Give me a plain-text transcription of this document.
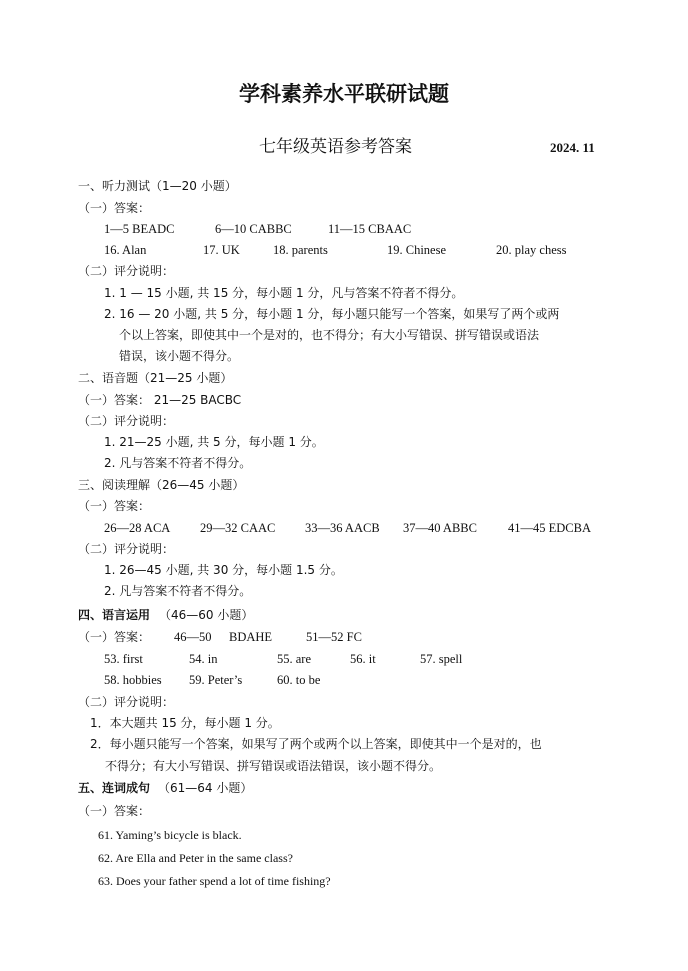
学科素养水平联研试题
七年级英语参考答案	2024. 11
一、听力测试（1—20 小题）
（一）答案：
1—5 BEADC	6—10 CABBC	11—15 CBAAC
16. Alan	17. UK	18. parents	19. Chinese	20. play chess
（二）评分说明：
1. 1 — 15 小题, 共 15 分，每小题 1 分，凡与答案不符者不得分。
2. 16 — 20 小题, 共 5 分，每小题 1 分，每小题只能写一个答案，如果写了两个或两
个以上答案，即使其中一个是对的，也不得分；有大小写错误、拼写错误或语法
错误，该小题不得分。
二、语音题（21—25 小题）
（一）答案： 21—25 BACBC
（二）评分说明：
1. 21—25 小题, 共 5 分，每小题 1 分。
2. 凡与答案不符者不得分。
三、阅读理解（26—45 小题）
（一）答案：
26—28 ACA 29—32 CAAC 33—36 AACB 37—40 ABBC 41—45 EDCBA
（二）评分说明：
1. 26—45 小题, 共 30 分，每小题 1.5 分。
2. 凡与答案不符者不得分。
四、语言运用 （46—60 小题）
（一）答案： 46—50 BDAHE	51—52 FC
53. first	54. in	55. are	56. it	57. spell
58. hobbies 59. Peter’s	60. to be
（二）评分说明：
1．本大题共 15 分，每小题 1 分。
2．每小题只能写一个答案，如果写了两个或两个以上答案，即使其中一个是对的，也
不得分；有大小写错误、拼写错误或语法错误，该小题不得分。
五、连词成句 （61—64 小题）
（一）答案：
61. Yaming’s bicycle is black.
62. Are Ella and Peter in the same class?
63. Does your father spend a lot of time fishing?
